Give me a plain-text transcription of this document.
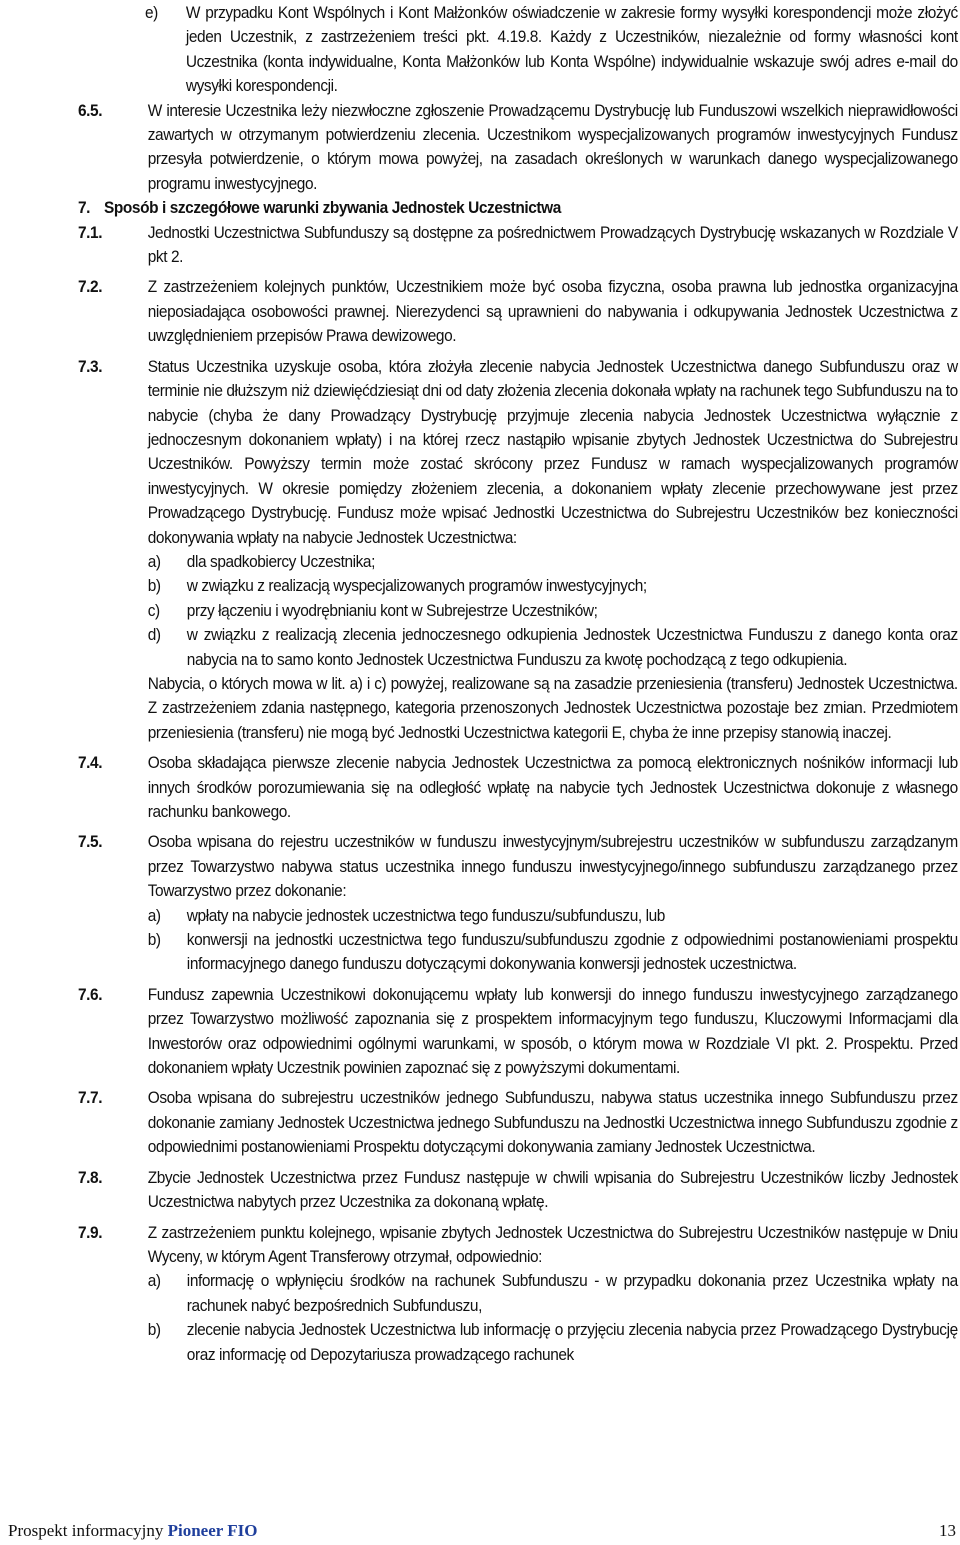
e)	W przypadku Kont Wspólnych i Kont Małżonków oświadczenie w zakresie formy wysyłki korespondencji może złożyć jeden Uczestnik, z zastrzeżeniem treści pkt. 4.19.8. Każdy z Uczestników, niezależnie od formy własności kont Uczestnika (konta indywidualne, Konta Małżonków lub Konta Wspólne) indywidualnie wskazuje swój adres e-mail do wysyłki korespondencji.
6.5.	W interesie Uczestnika leży niezwłoczne zgłoszenie Prowadzącemu Dystrybucję lub Funduszowi wszelkich nieprawidłowości zawartych w otrzymanym potwierdzeniu zlecenia. Uczestnikom wyspecjalizowanych programów inwestycyjnych Fundusz przesyła potwierdzenie, o którym mowa powyżej, na zasadach określonych w warunkach danego wyspecjalizowanego programu inwestycyjnego.
7. Sposób i szczegółowe warunki zbywania Jednostek Uczestnictwa
7.1.	Jednostki Uczestnictwa Subfunduszy są dostępne za pośrednictwem Prowadzących Dystrybucję wskazanych w Rozdziale V pkt 2.
7.2.	Z zastrzeżeniem kolejnych punktów, Uczestnikiem może być osoba fizyczna, osoba prawna lub jednostka organizacyjna nieposiadająca osobowości prawnej. Nierezydenci są uprawnieni do nabywania i odkupywania Jednostek Uczestnictwa z uwzględnieniem przepisów Prawa dewizowego.
7.3.	Status Uczestnika uzyskuje osoba, która złożyła zlecenie nabycia Jednostek Uczestnictwa danego Subfunduszu oraz w terminie nie dłuższym niż dziewięćdziesiąt dni od daty złożenia zlecenia dokonała wpłaty na rachunek tego Subfunduszu na to nabycie (chyba że dany Prowadzący Dystrybucję przyjmuje zlecenia nabycia Jednostek Uczestnictwa wyłącznie z jednoczesnym dokonaniem wpłaty) i na której rzecz nastąpiło wpisanie zbytych Jednostek Uczestnictwa do Subrejestru Uczestników. Powyższy termin może zostać skrócony przez Fundusz w ramach wyspecjalizowanych programów inwestycyjnych. W okresie pomiędzy złożeniem zlecenia, a dokonaniem wpłaty zlecenie przechowywane jest przez Prowadzącego Dystrybucję. Fundusz może wpisać Jednostki Uczestnictwa do Subrejestru Uczestników bez konieczności dokonywania wpłaty na nabycie Jednostek Uczestnictwa:
a)	dla spadkobiercy Uczestnika;
b)	w związku z realizacją wyspecjalizowanych programów inwestycyjnych;
c)	przy łączeniu i wyodrębnianiu kont w Subrejestrze Uczestników;
d)	w związku z realizacją zlecenia jednoczesnego odkupienia Jednostek Uczestnictwa Funduszu z danego konta oraz nabycia na to samo konto Jednostek Uczestnictwa Funduszu za kwotę pochodzącą z tego odkupienia.
Nabycia, o których mowa w lit. a) i c) powyżej, realizowane są na zasadzie przeniesienia (transferu) Jednostek Uczestnictwa. Z zastrzeżeniem zdania następnego, kategoria przenoszonych Jednostek Uczestnictwa pozostaje bez zmian. Przedmiotem przeniesienia (transferu) nie mogą być Jednostki Uczestnictwa kategorii E, chyba że inne przepisy stanowią inaczej.
7.4.	Osoba składająca pierwsze zlecenie nabycia Jednostek Uczestnictwa za pomocą elektronicznych nośników informacji lub innych środków porozumiewania się na odległość wpłatę na nabycie tych Jednostek Uczestnictwa dokonuje z własnego rachunku bankowego.
7.5.	Osoba wpisana do rejestru uczestników w funduszu inwestycyjnym/subrejestru uczestników w subfunduszu zarządzanym przez Towarzystwo nabywa status uczestnika innego funduszu inwestycyjnego/innego subfunduszu zarządzanego przez Towarzystwo przez dokonanie:
a)	wpłaty na nabycie jednostek uczestnictwa tego funduszu/subfunduszu, lub
b)	konwersji na jednostki uczestnictwa tego funduszu/subfunduszu zgodnie z odpowiednimi postanowieniami prospektu informacyjnego danego funduszu dotyczącymi dokonywania konwersji jednostek uczestnictwa.
7.6.	Fundusz zapewnia Uczestnikowi dokonującemu wpłaty lub konwersji do innego funduszu inwestycyjnego zarządzanego przez Towarzystwo możliwość zapoznania się z prospektem informacyjnym tego funduszu, Kluczowymi Informacjami dla Inwestorów oraz odpowiednimi ogólnymi warunkami, w sposób, o którym mowa w Rozdziale VI pkt. 2. Prospektu. Przed dokonaniem wpłaty Uczestnik powinien zapoznać się z powyższymi dokumentami.
7.7.	Osoba wpisana do subrejestru uczestników jednego Subfunduszu, nabywa status uczestnika innego Subfunduszu przez dokonanie zamiany Jednostek Uczestnictwa jednego Subfunduszu na Jednostki Uczestnictwa innego Subfunduszu zgodnie z odpowiednimi postanowieniami Prospektu dotyczącymi dokonywania zamiany Jednostek Uczestnictwa.
7.8.	Zbycie Jednostek Uczestnictwa przez Fundusz następuje w chwili wpisania do Subrejestru Uczestników liczby Jednostek Uczestnictwa nabytych przez Uczestnika za dokonaną wpłatę.
7.9.	Z zastrzeżeniem punktu kolejnego, wpisanie zbytych Jednostek Uczestnictwa do Subrejestru Uczestników następuje w Dniu Wyceny, w którym Agent Transferowy otrzymał, odpowiednio:
a)	informację o wpłynięciu środków na rachunek Subfunduszu - w przypadku dokonania przez Uczestnika wpłaty na rachunek nabyć bezpośrednich Subfunduszu,
b)	zlecenie nabycia Jednostek Uczestnictwa lub informację o przyjęciu zlecenia nabycia przez Prowadzącego Dystrybucję oraz informację od Depozytariusza prowadzącego rachunek
Prospekt informacyjny Pioneer FIO	13
